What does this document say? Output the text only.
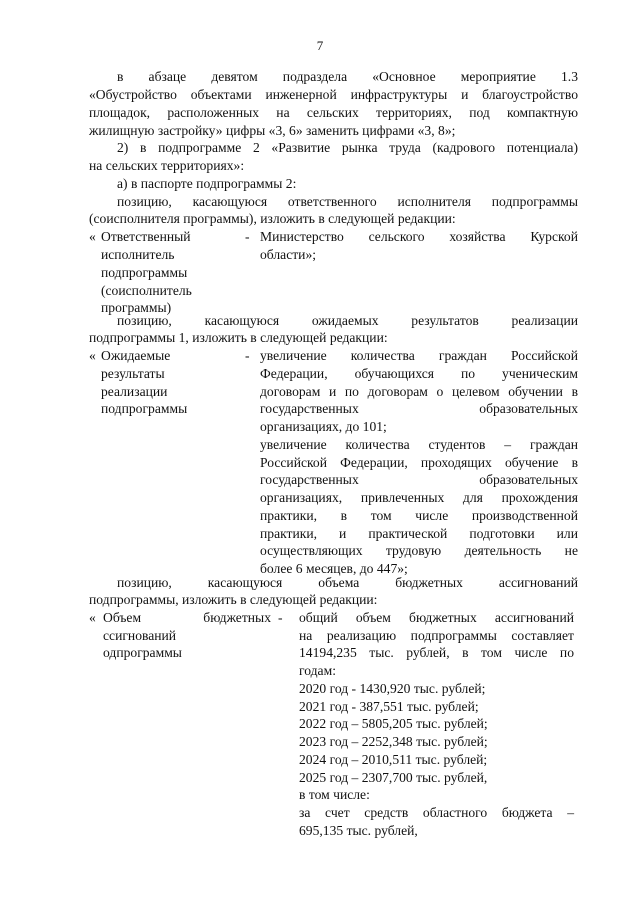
7
в абзаце девятом подраздела «Основное мероприятие 1.3
«Обустройство объектами инженерной инфраструктуры и благоустройство
площадок, расположенных на сельских территориях, под компактную
жилищную застройку» цифры «3, 6» заменить цифрами «3, 8»;
2) в подпрограмме 2 «Развитие рынка труда (кадрового потенциала)
на сельских территориях»:
а) в паспорте подпрограммы 2:
позицию, касающуюся ответственного исполнителя подпрограммы
(соисполнителя программы), изложить в следующей редакции:
« Ответственный
исполнитель
подпрограммы
(соисполнитель
программы)
- Министерство сельского хозяйства Курской
области»;
позицию, касающуюся ожидаемых результатов реализации
подпрограммы 1, изложить в следующей редакции:
« Ожидаемые
результаты
реализации
подпрограммы
- увеличение количества граждан Российской
Федерации, обучающихся по ученическим
договорам и по договорам о целевом обучении в
государственных образовательных
организациях, до 101;
увеличение количества студентов – граждан
Российской Федерации, проходящих обучение в
государственных образовательных
организациях, привлеченных для прохождения
практики, в том числе производственной
практики, и практической подготовки или
осуществляющих трудовую деятельность не
более 6 месяцев, до 447»;
позицию, касающуюся объема бюджетных ассигнований
подпрограммы, изложить в следующей редакции:
« Объем бюджетных
ссигнований
одпрограммы
- общий объем бюджетных ассигнований
на реализацию подпрограммы составляет
14194,235 тыс. рублей, в том числе по
годам:
2020 год - 1430,920 тыс. рублей;
2021 год - 387,551 тыс. рублей;
2022 год – 5805,205 тыс. рублей;
2023 год – 2252,348 тыс. рублей;
2024 год – 2010,511 тыс. рублей;
2025 год – 2307,700 тыс. рублей,
в том числе:
за счет средств областного бюджета –
695,135 тыс. рублей,
